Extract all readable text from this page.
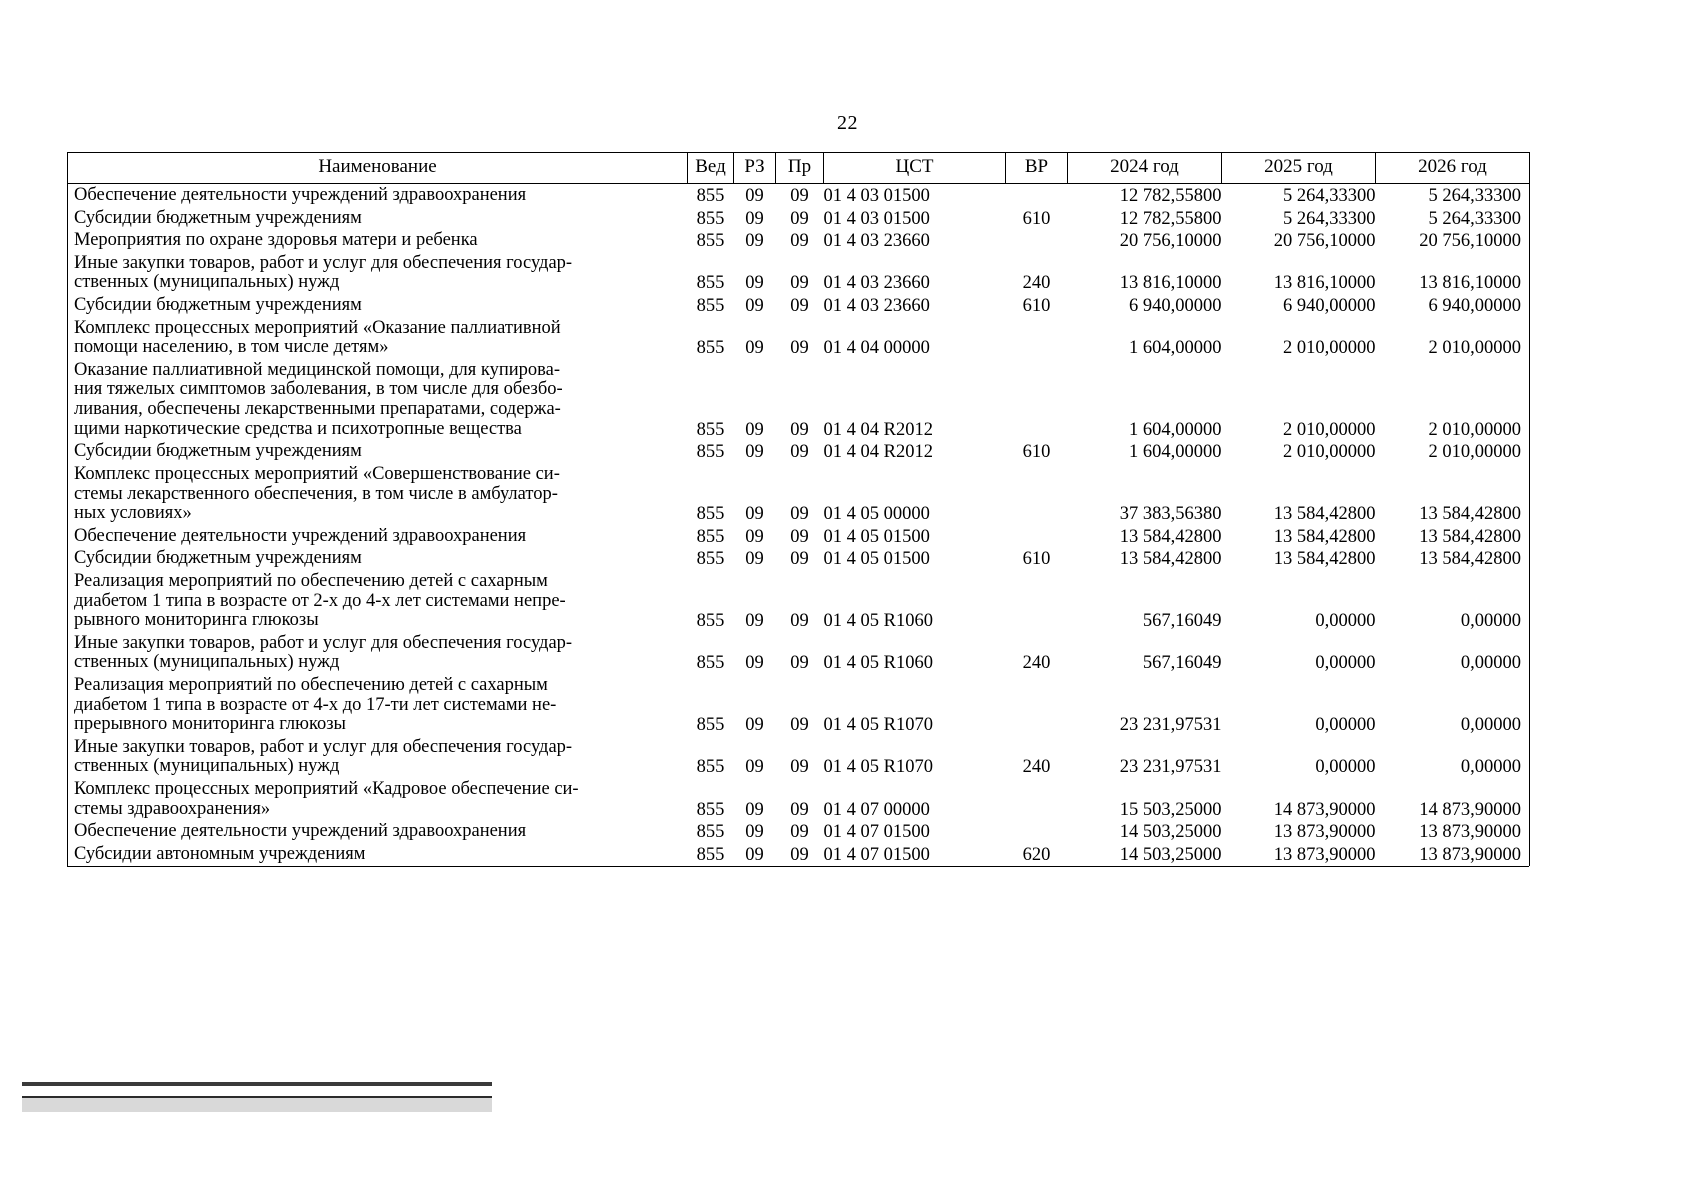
22
Наименование	Вед	РЗ	Пр	ЦСТ	ВР	2024 год	2025 год	2026 год
Обеспечение деятельности учреждений здравоохранения	855	09	09	01 4 03 01500		12 782,55800	5 264,33300	5 264,33300
Субсидии бюджетным учреждениям	855	09	09	01 4 03 01500	610	12 782,55800	5 264,33300	5 264,33300
Мероприятия по охране здоровья матери и ребенка	855	09	09	01 4 03 23660		20 756,10000	20 756,10000	20 756,10000
Иные закупки товаров, работ и услуг для обеспечения государ-
ственных (муниципальных) нужд	855	09	09	01 4 03 23660	240	13 816,10000	13 816,10000	13 816,10000
Субсидии бюджетным учреждениям	855	09	09	01 4 03 23660	610	6 940,00000	6 940,00000	6 940,00000
Комплекс процессных мероприятий «Оказание паллиативной
помощи населению, в том числе детям»	855	09	09	01 4 04 00000		1 604,00000	2 010,00000	2 010,00000
Оказание паллиативной медицинской помощи, для купирова-
ния тяжелых симптомов заболевания, в том числе для обезбо-
ливания, обеспечены лекарственными препаратами, содержа-
щими наркотические средства и психотропные вещества	855	09	09	01 4 04 R2012		1 604,00000	2 010,00000	2 010,00000
Субсидии бюджетным учреждениям	855	09	09	01 4 04 R2012	610	1 604,00000	2 010,00000	2 010,00000
Комплекс процессных мероприятий «Совершенствование си-
стемы лекарственного обеспечения, в том числе в амбулатор-
ных условиях»	855	09	09	01 4 05 00000		37 383,56380	13 584,42800	13 584,42800
Обеспечение деятельности учреждений здравоохранения	855	09	09	01 4 05 01500		13 584,42800	13 584,42800	13 584,42800
Субсидии бюджетным учреждениям	855	09	09	01 4 05 01500	610	13 584,42800	13 584,42800	13 584,42800
Реализация мероприятий по обеспечению детей с сахарным
диабетом 1 типа в возрасте от 2-х до 4-х лет системами непре-
рывного мониторинга глюкозы	855	09	09	01 4 05 R1060		567,16049	0,00000	0,00000
Иные закупки товаров, работ и услуг для обеспечения государ-
ственных (муниципальных) нужд	855	09	09	01 4 05 R1060	240	567,16049	0,00000	0,00000
Реализация мероприятий по обеспечению детей с сахарным
диабетом 1 типа в возрасте от 4-х до 17-ти лет системами не-
прерывного мониторинга глюкозы	855	09	09	01 4 05 R1070		23 231,97531	0,00000	0,00000
Иные закупки товаров, работ и услуг для обеспечения государ-
ственных (муниципальных) нужд	855	09	09	01 4 05 R1070	240	23 231,97531	0,00000	0,00000
Комплекс процессных мероприятий «Кадровое обеспечение си-
стемы здравоохранения»	855	09	09	01 4 07 00000		15 503,25000	14 873,90000	14 873,90000
Обеспечение деятельности учреждений здравоохранения	855	09	09	01 4 07 01500		14 503,25000	13 873,90000	13 873,90000
Субсидии автономным учреждениям	855	09	09	01 4 07 01500	620	14 503,25000	13 873,90000	13 873,90000
